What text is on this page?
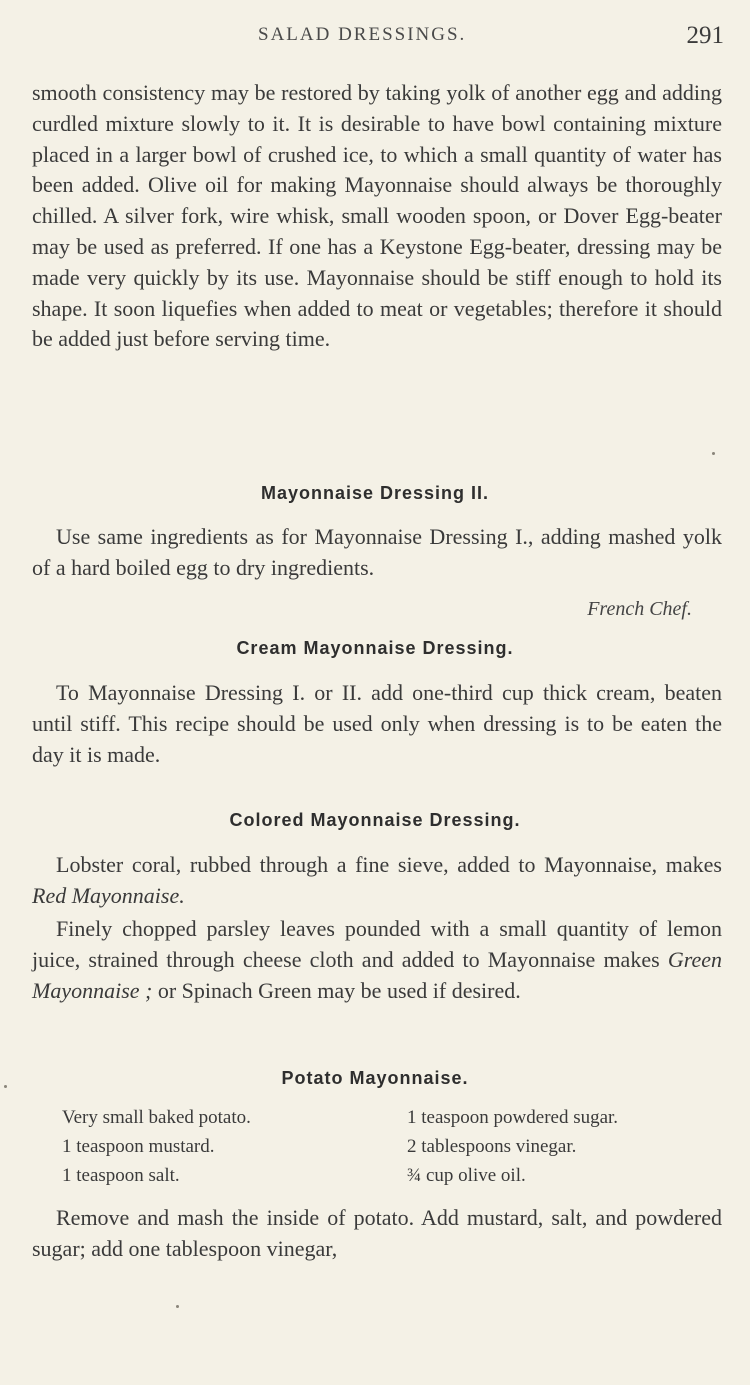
SALAD DRESSINGS.	291

smooth consistency may be restored by taking yolk of another egg and adding curdled mixture slowly to it. It is desirable to have bowl containing mixture placed in a larger bowl of crushed ice, to which a small quantity of water has been added. Olive oil for making Mayonnaise should always be thoroughly chilled. A silver fork, wire whisk, small wooden spoon, or Dover Egg-beater may be used as preferred. If one has a Keystone Egg-beater, dressing may be made very quickly by its use. Mayonnaise should be stiff enough to hold its shape. It soon liquefies when added to meat or vegetables; therefore it should be added just before serving time.

Mayonnaise Dressing II.

Use same ingredients as for Mayonnaise Dressing I., adding mashed yolk of a hard boiled egg to dry ingredients.

French Chef.
Cream Mayonnaise Dressing.

To Mayonnaise Dressing I. or II. add one-third cup thick cream, beaten until stiff. This recipe should be used only when dressing is to be eaten the day it is made.

Colored Mayonnaise Dressing.

Lobster coral, rubbed through a fine sieve, added to Mayonnaise, makes Red Mayonnaise.

Finely chopped parsley leaves pounded with a small quantity of lemon juice, strained through cheese cloth and added to Mayonnaise makes Green Mayonnaise ; or Spinach Green may be used if desired.

Potato Mayonnaise.
Very small baked potato.
1 teaspoon mustard.
1 teaspoon salt.
1 teaspoon powdered sugar.
2 tablespoons vinegar.
¾ cup olive oil.

Remove and mash the inside of potato. Add mustard, salt, and powdered sugar; add one tablespoon vinegar,
